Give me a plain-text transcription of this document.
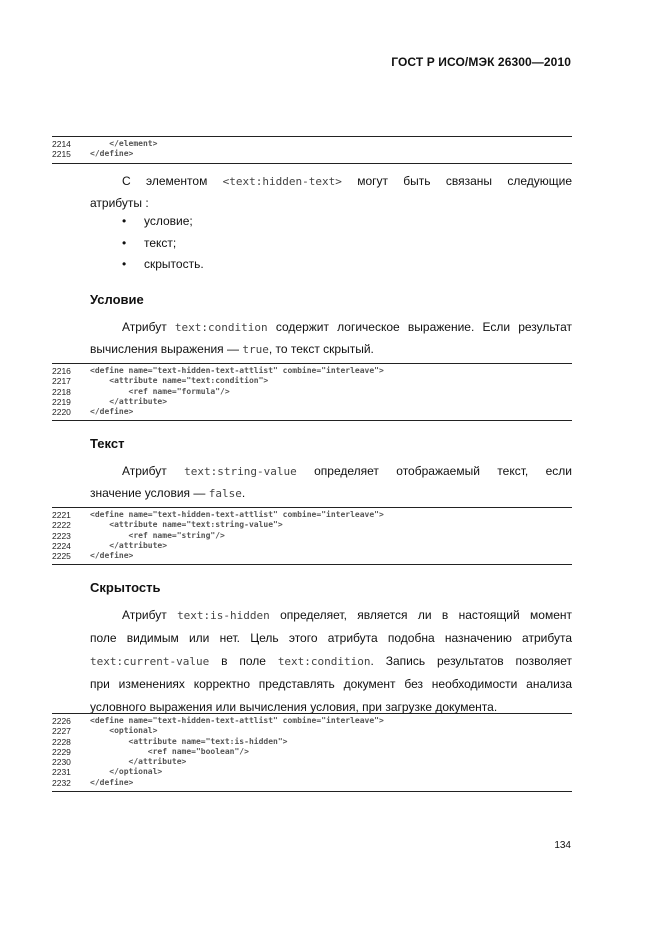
ГОСТ Р ИСО/МЭК 26300—2010
2214	</element>
2215	</define>
С элементом <text:hidden-text> могут быть связаны следующие
атрибуты :
• условие;
• текст;
• скрытость.
Условие
Атрибут text:condition содержит логическое выражение. Если результат
вычисления выражения — true, то текст скрытый.
2216	<define name="text-hidden-text-attlist" combine="interleave">
2217	<attribute name="text:condition">
2218	<ref name="formula"/>
2219	</attribute>
2220	</define>
Текст
Атрибут text:string-value определяет отображаемый текст, если
значение условия — false.
2221	<define name="text-hidden-text-attlist" combine="interleave">
2222	<attribute name="text:string-value">
2223	<ref name="string"/>
2224	</attribute>
2225	</define>
Скрытость
Атрибут text:is-hidden определяет, является ли в настоящий момент
поле видимым или нет. Цель этого атрибута подобна назначению атрибута
text:current-value в поле text:condition. Запись результатов позволяет
при изменениях корректно представлять документ без необходимости анализа
условного выражения или вычисления условия, при загрузке документа.
2226	<define name="text-hidden-text-attlist" combine="interleave">
2227	<optional>
2228	<attribute name="text:is-hidden">
2229	<ref name="boolean"/>
2230	</attribute>
2231	</optional>
2232	</define>
134
